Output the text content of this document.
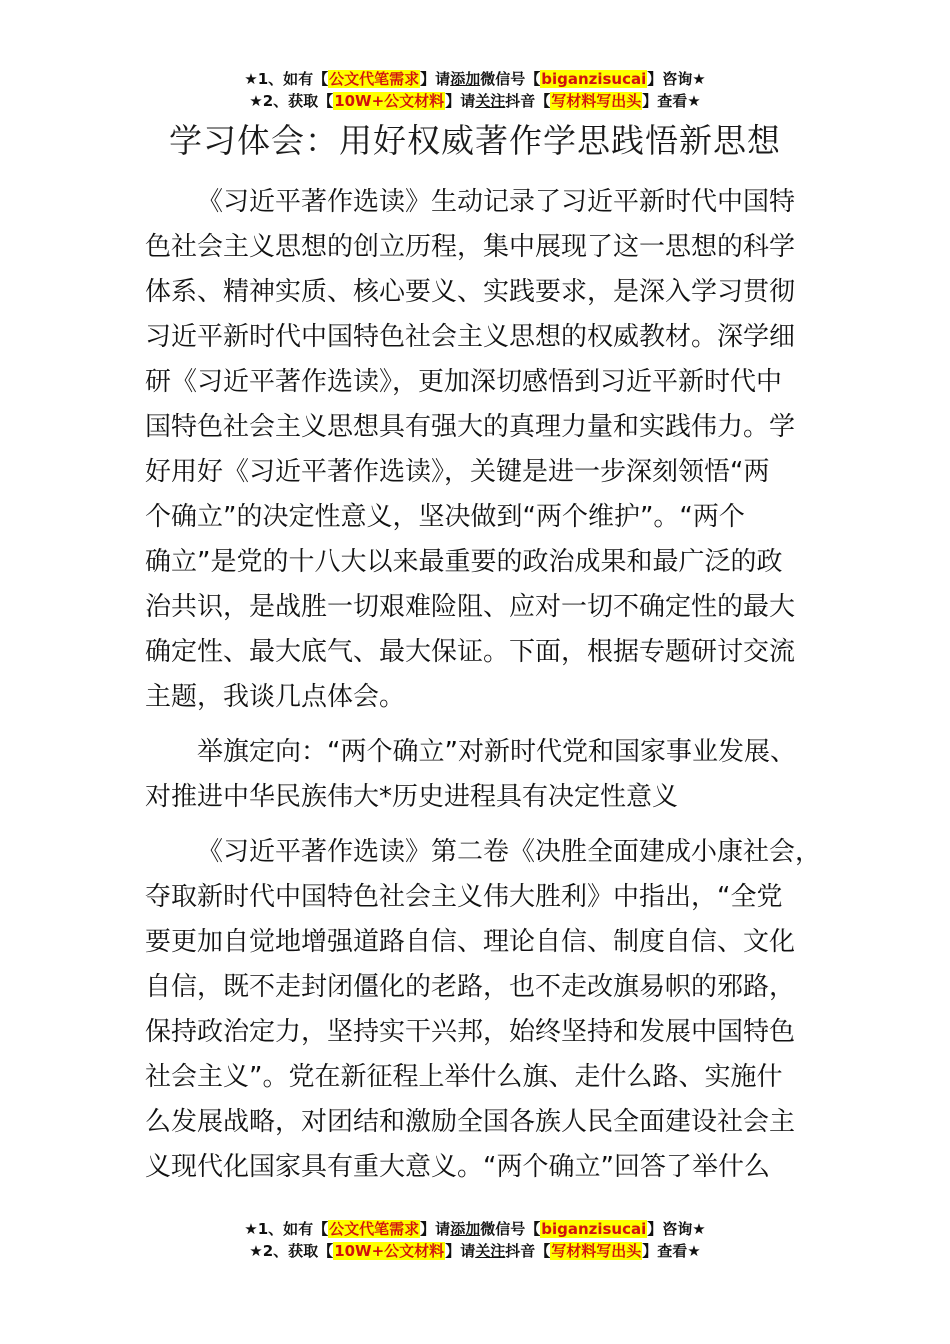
★1、如有【公文代笔需求】请添加微信号【biganzisucai】咨询★
★2、获取【10W+公文材料】请关注抖音【写材料写出头】查看★
学习体会：用好权威著作学思践悟新思想
《习近平著作选读》生动记录了习近平新时代中国特
色社会主义思想的创立历程，集中展现了这一思想的科学
体系、精神实质、核心要义、实践要求，是深入学习贯彻
习近平新时代中国特色社会主义思想的权威教材。深学细
研《习近平著作选读》，更加深切感悟到习近平新时代中
国特色社会主义思想具有强大的真理力量和实践伟力。学
好用好《习近平著作选读》，关键是进一步深刻领悟“两
个确立”的决定性意义，坚决做到“两个维护”。“两个
确立”是党的十八大以来最重要的政治成果和最广泛的政
治共识，是战胜一切艰难险阻、应对一切不确定性的最大
确定性、最大底气、最大保证。下面，根据专题研讨交流
主题，我谈几点体会。
举旗定向：“两个确立”对新时代党和国家事业发展、
对推进中华民族伟大*历史进程具有决定性意义
《习近平著作选读》第二卷《决胜全面建成小康社会，
夺取新时代中国特色社会主义伟大胜利》中指出，“全党
要更加自觉地增强道路自信、理论自信、制度自信、文化
自信，既不走封闭僵化的老路，也不走改旗易帜的邪路，
保持政治定力，坚持实干兴邦，始终坚持和发展中国特色
社会主义”。党在新征程上举什么旗、走什么路、实施什
么发展战略，对团结和激励全国各族人民全面建设社会主
义现代化国家具有重大意义。“两个确立”回答了举什么
★1、如有【公文代笔需求】请添加微信号【biganzisucai】咨询★
★2、获取【10W+公文材料】请关注抖音【写材料写出头】查看★
